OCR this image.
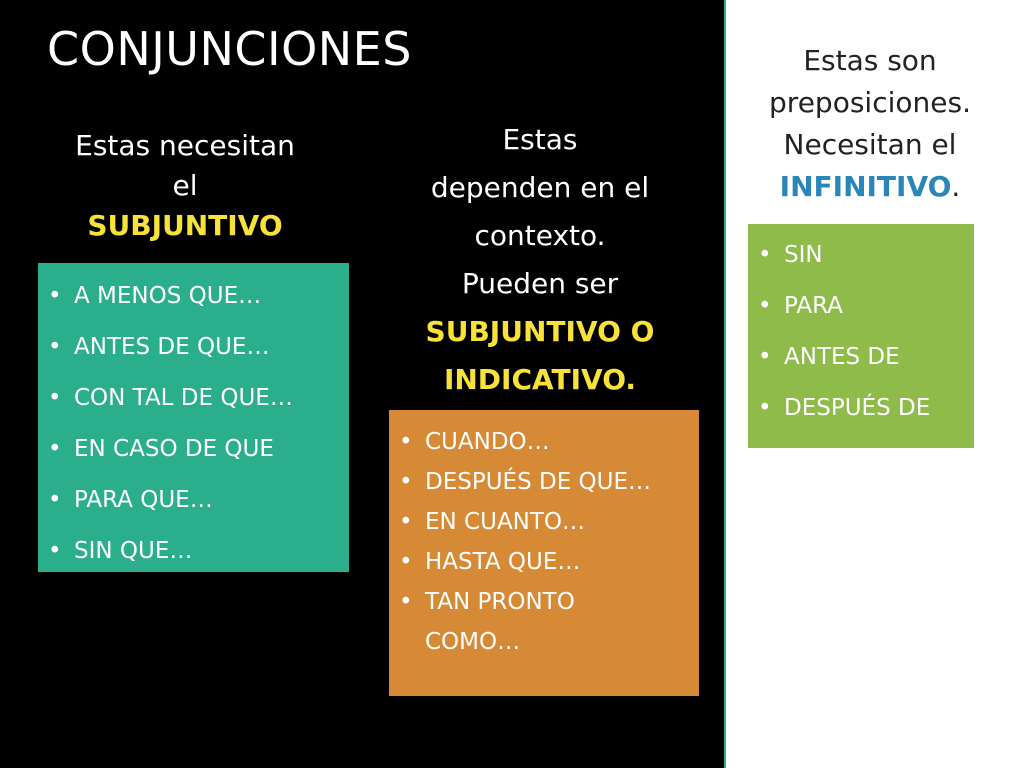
CONJUNCIONES
Estas necesitan
el
SUBJUNTIVO
• A MENOS QUE…
• ANTES DE QUE…
• CON TAL DE QUE…
• EN CASO DE QUE
• PARA QUE…
• SIN QUE…
Estas
dependen en el
contexto.
Pueden ser
SUBJUNTIVO O
INDICATIVO.
• CUANDO…
• DESPUÉS DE QUE…
• EN CUANTO…
• HASTA QUE…
• TAN PRONTO COMO…
Estas son
preposiciones.
Necesitan el
INFINITIVO.
• SIN
• PARA
• ANTES DE
• DESPUÉS DE
